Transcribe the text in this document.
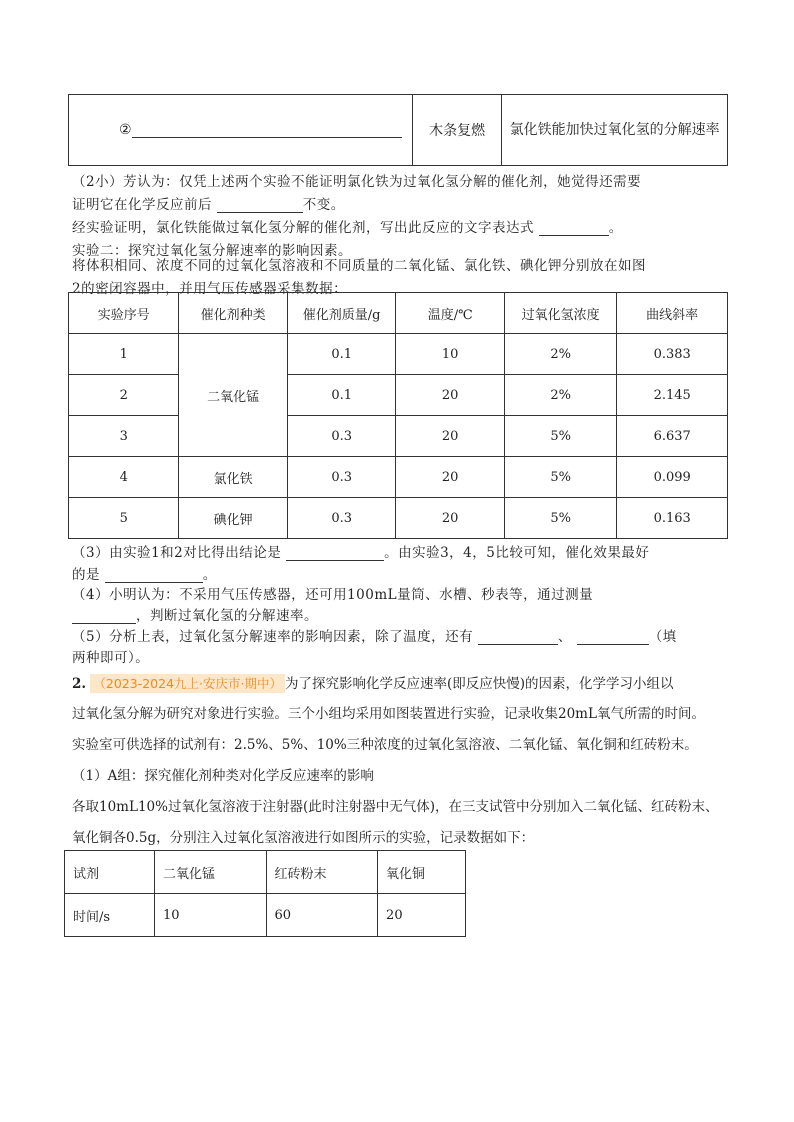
②	木条复燃	氯化铁能加快过氧化氢的分解速率
（2小）芳认为：仅凭上述两个实验不能证明氯化铁为过氧化氢分解的催化剂，她觉得还需要
证明它在化学反应前后	不变。
经实验证明，氯化铁能做过氧化氢分解的催化剂，写出此反应的文字表达式	。
实验二：探究过氧化氢分解速率的影响因素。
将体积相同、浓度不同的过氧化氢溶液和不同质量的二氧化锰、氯化铁、碘化钾分别放在如图
2的密闭容器中，并用气压传感器采集数据：
实验序号	催化剂种类	催化剂质量/g	温度/℃	过氧化氢浓度	曲线斜率
1	二氧化锰	0.1	10	2%	0.383
2		0.1	20	2%	2.145
3		0.3	20	5%	6.637
4	氯化铁	0.3	20	5%	0.099
5	碘化钾	0.3	20	5%	0.163
（3）由实验1和2对比得出结论是	。由实验3，4，5比较可知，催化效果最好
的是	。
（4）小明认为：不采用气压传感器，还可用100mL量筒、水槽、秒表等，通过测量
，判断过氧化氢的分解速率。
（5）分析上表，过氧化氢分解速率的影响因素，除了温度，还有	、	（填
两种即可）。
2. （2023-2024九上·安庆市·期中） 为了探究影响化学反应速率(即反应快慢)的因素，化学学习小组以
过氧化氢分解为研究对象进行实验。三个小组均采用如图装置进行实验，记录收集20mL氧气所需的时间。
实验室可供选择的试剂有：2.5%、5%、10%三种浓度的过氧化氢溶液、二氧化锰、氧化铜和红砖粉末。
（1）A组：探究催化剂种类对化学反应速率的影响
各取10mL10%过氧化氢溶液于注射器(此时注射器中无气体)，在三支试管中分别加入二氧化锰、红砖粉末、
氧化铜各0.5g，分别注入过氧化氢溶液进行如图所示的实验，记录数据如下：
试剂	二氧化锰	红砖粉末	氧化铜
时间/s	10	60	20
